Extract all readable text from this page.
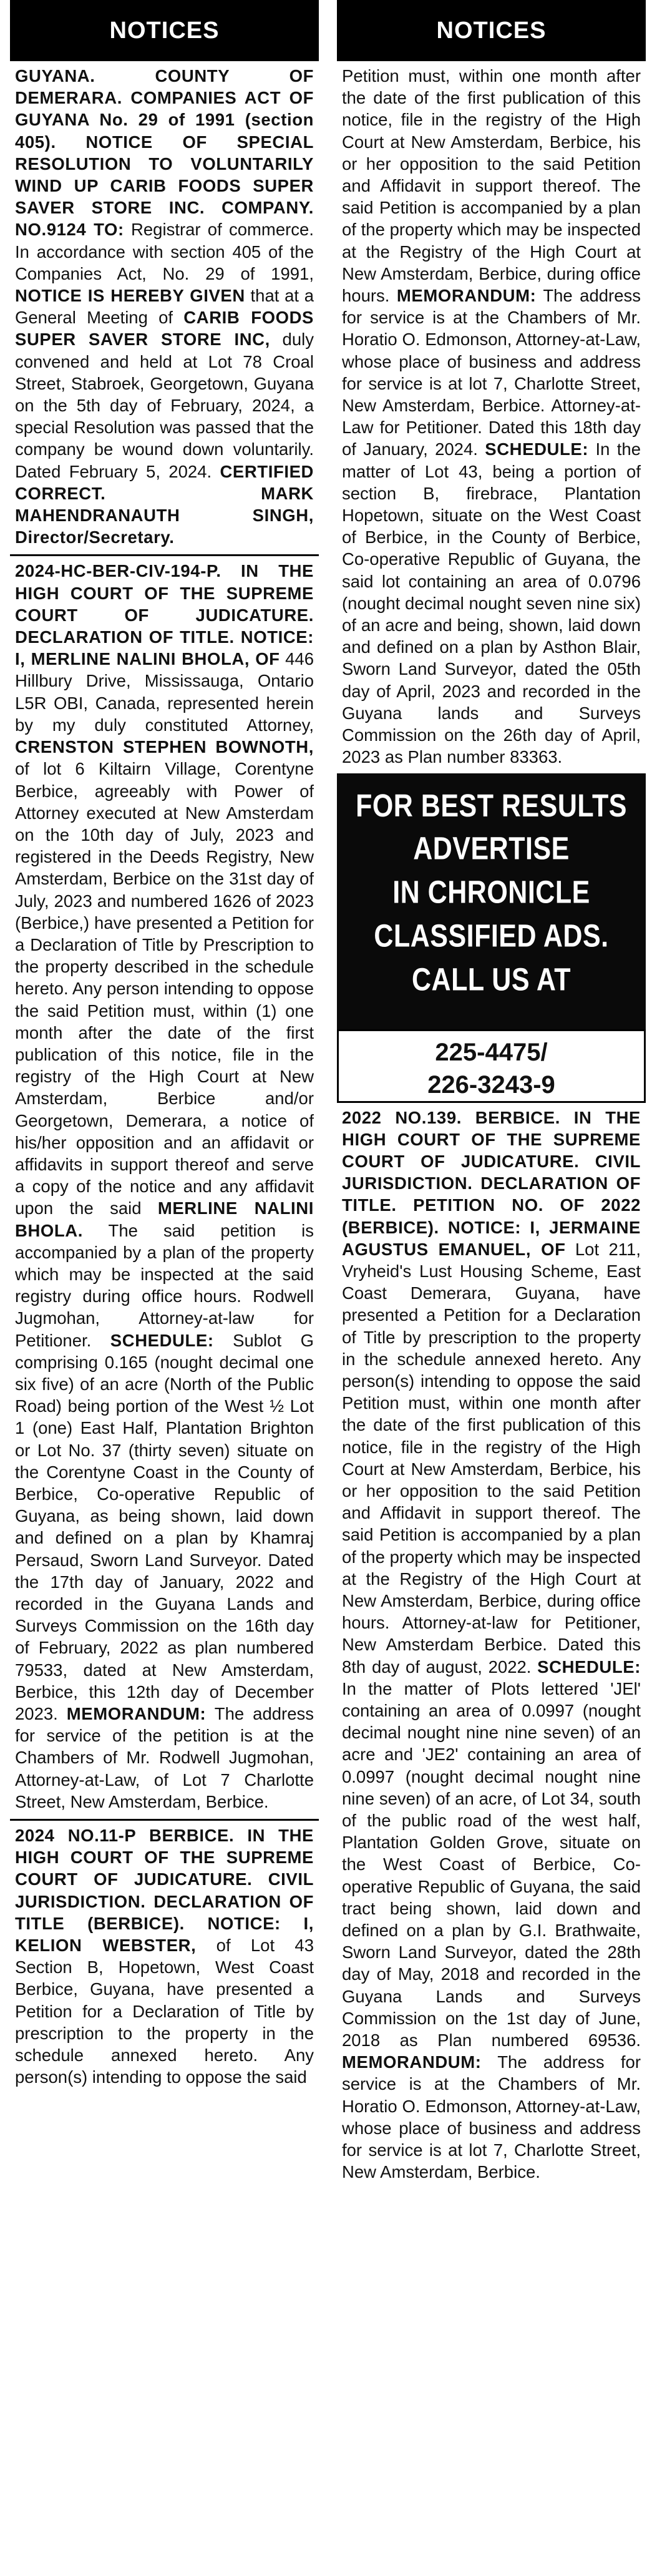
NOTICES
GUYANA. COUNTY OF DEMERARA. COMPANIES ACT OF GUYANA No. 29 of 1991 (section 405). NOTICE OF SPECIAL RESOLUTION TO VOLUNTARILY WIND UP CARIB FOODS SUPER SAVER STORE INC. COMPANY. NO.9124 TO: Registrar of commerce. In accordance with section 405 of the Companies Act, No. 29 of 1991, NOTICE IS HEREBY GIVEN that at a General Meeting of CARIB FOODS SUPER SAVER STORE INC, duly convened and held at Lot 78 Croal Street, Stabroek, Georgetown, Guyana on the 5th day of February, 2024, a special Resolution was passed that the company be wound down voluntarily. Dated February 5, 2024. CERTIFIED CORRECT. MARK MAHENDRANAUTH SINGH, Director/Secretary.
2024-HC-BER-CIV-194-P. IN THE HIGH COURT OF THE SUPREME COURT OF JUDICATURE. DECLARATION OF TITLE. NOTICE: I, MERLINE NALINI BHOLA, OF 446 Hillbury Drive, Mississauga, Ontario L5R OBI, Canada, represented herein by my duly constituted Attorney, CRENSTON STEPHEN BOWNOTH, of lot 6 Kiltairn Village, Corentyne Berbice, agreeably with Power of Attorney executed at New Amsterdam on the 10th day of July, 2023 and registered in the Deeds Registry, New Amsterdam, Berbice on the 31st day of July, 2023 and numbered 1626 of 2023 (Berbice,) have presented a Petition for a Declaration of Title by Prescription to the property described in the schedule hereto. Any person intending to oppose the said Petition must, within (1) one month after the date of the first publication of this notice, file in the registry of the High Court at New Amsterdam, Berbice and/or Georgetown, Demerara, a notice of his/her opposition and an affidavit or affidavits in support thereof and serve a copy of the notice and any affidavit upon the said MERLINE NALINI BHOLA. The said petition is accompanied by a plan of the property which may be inspected at the said registry during office hours. Rodwell Jugmohan, Attorney-at-law for Petitioner. SCHEDULE: Sublot G comprising 0.165 (nought decimal one six five) of an acre (North of the Public Road) being portion of the West ½ Lot 1 (one) East Half, Plantation Brighton or Lot No. 37 (thirty seven) situate on the Corentyne Coast in the County of Berbice, Co-operative Republic of Guyana, as being shown, laid down and defined on a plan by Khamraj Persaud, Sworn Land Surveyor. Dated the 17th day of January, 2022 and recorded in the Guyana Lands and Surveys Commission on the 16th day of February, 2022 as plan numbered 79533, dated at New Amsterdam, Berbice, this 12th day of December 2023. MEMORANDUM: The address for service of the petition is at the Chambers of Mr. Rodwell Jugmohan, Attorney-at-Law, of Lot 7 Charlotte Street, New Amsterdam, Berbice.
2024 NO.11-P BERBICE. IN THE HIGH COURT OF THE SUPREME COURT OF JUDICATURE. CIVIL JURISDICTION. DECLARATION OF TITLE (BERBICE). NOTICE: I, KELION WEBSTER, of Lot 43 Section B, Hopetown, West Coast Berbice, Guyana, have presented a Petition for a Declaration of Title by prescription to the property in the schedule annexed hereto. Any person(s) intending to oppose the said
NOTICES
Petition must, within one month after the date of the first publication of this notice, file in the registry of the High Court at New Amsterdam, Berbice, his or her opposition to the said Petition and Affidavit in support thereof. The said Petition is accompanied by a plan of the property which may be inspected at the Registry of the High Court at New Amsterdam, Berbice, during office hours. MEMORANDUM: The address for service is at the Chambers of Mr. Horatio O. Edmonson, Attorney-at-Law, whose place of business and address for service is at lot 7, Charlotte Street, New Amsterdam, Berbice. Attorney-at-Law for Petitioner. Dated this 18th day of January, 2024. SCHEDULE: In the matter of Lot 43, being a portion of section B, firebrace, Plantation Hopetown, situate on the West Coast of Berbice, in the County of Berbice, Co-operative Republic of Guyana, the said lot containing an area of 0.0796 (nought decimal nought seven nine six) of an acre and being, shown, laid down and defined on a plan by Asthon Blair, Sworn Land Surveyor, dated the 05th day of April, 2023 and recorded in the Guyana lands and Surveys Commission on the 26th day of April, 2023 as Plan number 83363.
FOR BEST RESULTS
ADVERTISE
IN CHRONICLE
CLASSIFIED ADS.
CALL US AT
225-4475/
226-3243-9
2022 NO.139. BERBICE. IN THE HIGH COURT OF THE SUPREME COURT OF JUDICATURE. CIVIL JURISDICTION. DECLARATION OF TITLE. PETITION NO. OF 2022 (BERBICE). NOTICE: I, JERMAINE AGUSTUS EMANUEL, OF Lot 211, Vryheid's Lust Housing Scheme, East Coast Demerara, Guyana, have presented a Petition for a Declaration of Title by prescription to the property in the schedule annexed hereto. Any person(s) intending to oppose the said Petition must, within one month after the date of the first publication of this notice, file in the registry of the High Court at New Amsterdam, Berbice, his or her opposition to the said Petition and Affidavit in support thereof. The said Petition is accompanied by a plan of the property which may be inspected at the Registry of the High Court at New Amsterdam, Berbice, during office hours. Attorney-at-law for Petitioner, New Amsterdam Berbice. Dated this 8th day of august, 2022. SCHEDULE: In the matter of Plots lettered 'JEl' containing an area of 0.0997 (nought decimal nought nine nine seven) of an acre and 'JE2' containing an area of 0.0997 (nought decimal nought nine nine seven) of an acre, of Lot 34, south of the public road of the west half, Plantation Golden Grove, situate on the West Coast of Berbice, Co-operative Republic of Guyana, the said tract being shown, laid down and defined on a plan by G.I. Brathwaite, Sworn Land Surveyor, dated the 28th day of May, 2018 and recorded in the Guyana Lands and Surveys Commission on the 1st day of June, 2018 as Plan numbered 69536. MEMORANDUM: The address for service is at the Chambers of Mr. Horatio O. Edmonson, Attorney-at-Law, whose place of business and address for service is at lot 7, Charlotte Street, New Amsterdam, Berbice.
